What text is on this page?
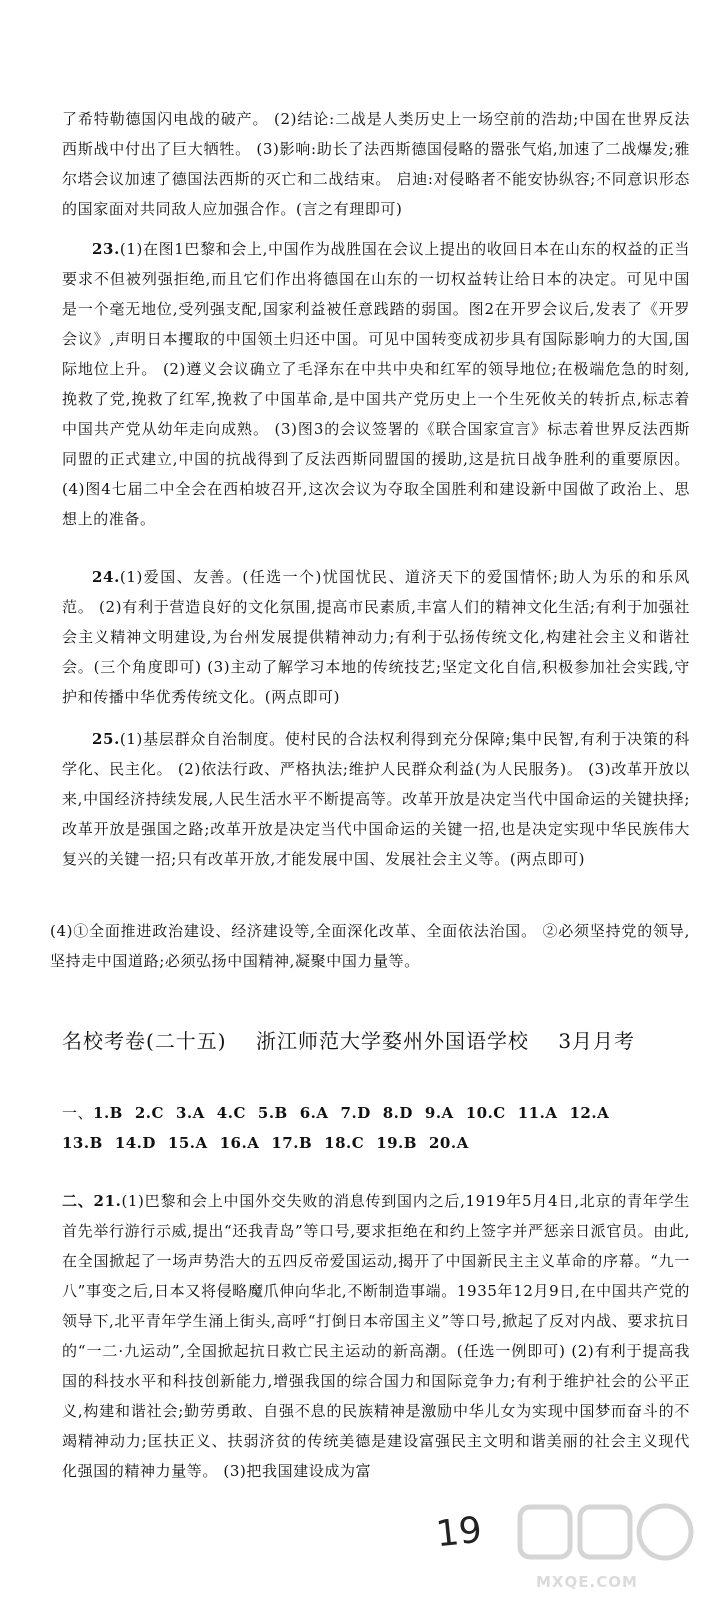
了希特勒德国闪电战的破产。 (2)结论:二战是人类历史上一场空前的浩劫;中国在世界反法西斯战中付出了巨大牺牲。 (3)影响:助长了法西斯德国侵略的嚣张气焰,加速了二战爆发;雅尔塔会议加速了德国法西斯的灭亡和二战结束。 启迪:对侵略者不能安协纵容;不同意识形态的国家面对共同敌人应加强合作。(言之有理即可)

23.(1)在图1巴黎和会上,中国作为战胜国在会议上提出的收回日本在山东的权益的正当要求不但被列强拒绝,而且它们作出将德国在山东的一切权益转让给日本的决定。可见中国是一个毫无地位,受列强支配,国家利益被任意践踏的弱国。图2在开罗会议后,发表了《开罗会议》,声明日本攫取的中国领土归还中国。可见中国转变成初步具有国际影响力的大国,国际地位上升。 (2)遵义会议确立了毛泽东在中共中央和红军的领导地位;在极端危急的时刻,挽救了党,挽救了红军,挽救了中国革命,是中国共产党历史上一个生死攸关的转折点,标志着中国共产党从幼年走向成熟。 (3)图3的会议签署的《联合国家宣言》标志着世界反法西斯同盟的正式建立,中国的抗战得到了反法西斯同盟国的援助,这是抗日战争胜利的重要原因。 (4)图4七届二中全会在西柏坡召开,这次会议为夺取全国胜利和建设新中国做了政治上、思想上的准备。

24.(1)爱国、友善。(任选一个)忧国忧民、道济天下的爱国情怀;助人为乐的和乐风范。 (2)有利于营造良好的文化氛围,提高市民素质,丰富人们的精神文化生活;有利于加强社会主义精神文明建设,为台州发展提供精神动力;有利于弘扬传统文化,构建社会主义和谐社会。(三个角度即可) (3)主动了解学习本地的传统技艺;坚定文化自信,积极参加社会实践,守护和传播中华优秀传统文化。(两点即可)

25.(1)基层群众自治制度。使村民的合法权利得到充分保障;集中民智,有利于决策的科学化、民主化。 (2)依法行政、严格执法;维护人民群众利益(为人民服务)。 (3)改革开放以来,中国经济持续发展,人民生活水平不断提高等。改革开放是决定当代中国命运的关键抉择;改革开放是强国之路;改革开放是决定当代中国命运的关键一招,也是决定实现中华民族伟大复兴的关键一招;只有改革开放,才能发展中国、发展社会主义等。(两点即可)

(4)①全面推进政治建设、经济建设等,全面深化改革、全面依法治国。 ②必须坚持党的领导,坚持走中国道路;必须弘扬中国精神,凝聚中国力量等。

名校考卷(二十五) 浙江师范大学婺州外国语学校 3月月考
一、1.B 2.C 3.A 4.C 5.B 6.A 7.D 8.D 9.A 10.C 11.A 12.A
13.B 14.D 15.A 16.A 17.B 18.C 19.B 20.A

二、21.(1)巴黎和会上中国外交失败的消息传到国内之后,1919年5月4日,北京的青年学生首先举行游行示威,提出“还我青岛”等口号,要求拒绝在和约上签字并严惩亲日派官员。由此,在全国掀起了一场声势浩大的五四反帝爱国运动,揭开了中国新民主主义革命的序幕。“九一八”事变之后,日本又将侵略魔爪伸向华北,不断制造事端。1935年12月9日,在中国共产党的领导下,北平青年学生涌上街头,高呼“打倒日本帝国主义”等口号,掀起了反对内战、要求抗日的“一二·九运动”,全国掀起抗日救亡民主运动的新高潮。(任选一例即可) (2)有利于提高我国的科技水平和科技创新能力,增强我国的综合国力和国际竞争力;有利于维护社会的公平正义,构建和谐社会;勤劳勇敢、自强不息的民族精神是激励中华儿女为实现中国梦而奋斗的不竭精神动力;匡扶正义、扶弱济贫的传统美德是建设富强民主文明和谐美丽的社会主义现代化强国的精神力量等。 (3)把我国建设成为富

19
MXQE.COM
